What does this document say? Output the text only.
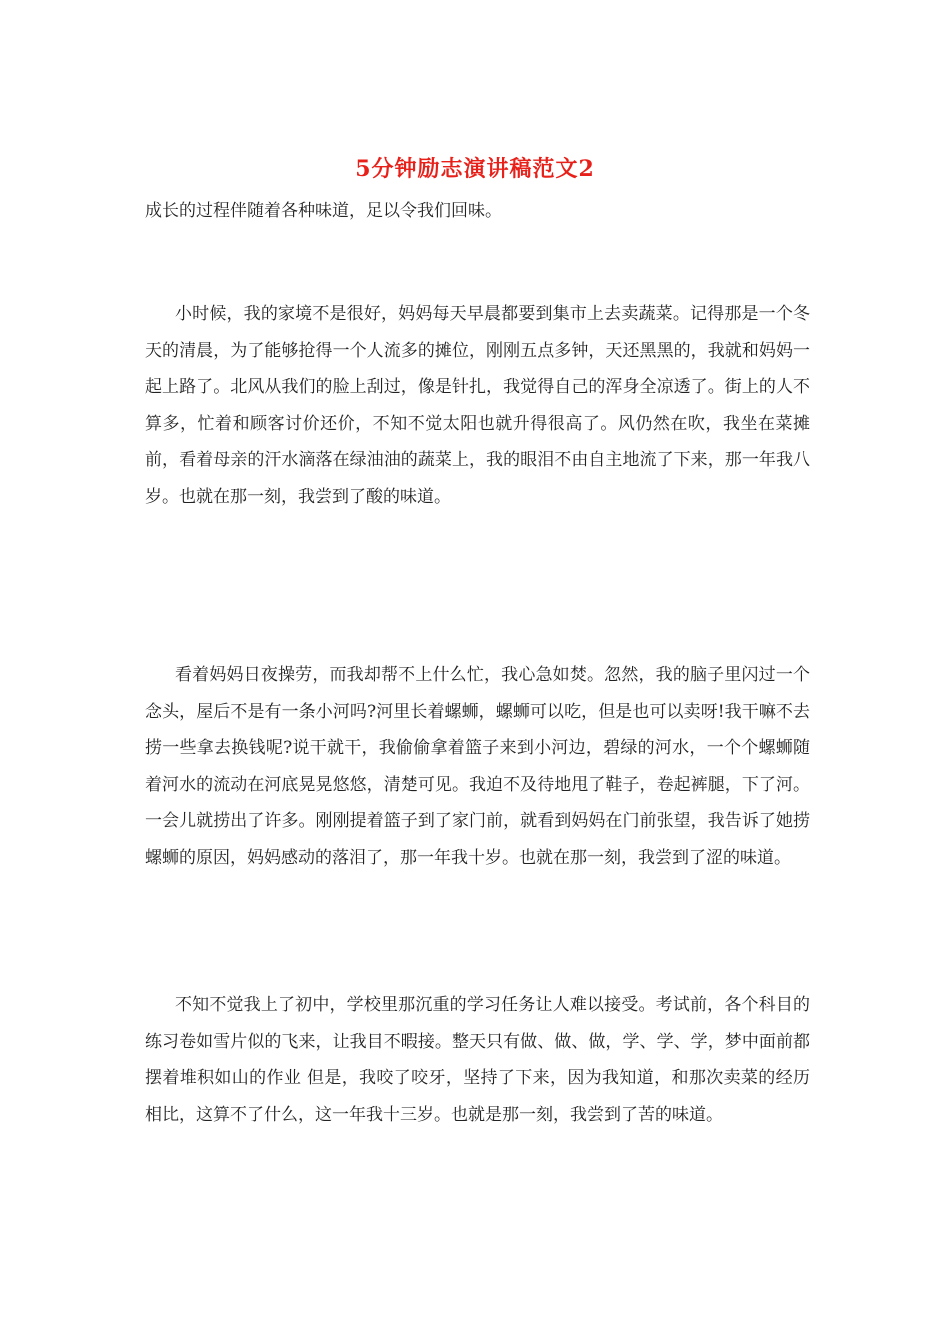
5分钟励志演讲稿范文2
成长的过程伴随着各种味道，足以令我们回味。

小时候，我的家境不是很好，妈妈每天早晨都要到集市上去卖蔬菜。记得那是一个冬天的清晨，为了能够抢得一个人流多的摊位，刚刚五点多钟，天还黑黑的，我就和妈妈一起上路了。北风从我们的脸上刮过，像是针扎，我觉得自己的浑身全凉透了。街上的人不算多，忙着和顾客讨价还价，不知不觉太阳也就升得很高了。风仍然在吹，我坐在菜摊前，看着母亲的汗水滴落在绿油油的蔬菜上，我的眼泪不由自主地流了下来，那一年我八岁。也就在那一刻，我尝到了酸的味道。

看着妈妈日夜操劳，而我却帮不上什么忙，我心急如焚。忽然，我的脑子里闪过一个念头，屋后不是有一条小河吗?河里长着螺蛳，螺蛳可以吃，但是也可以卖呀!我干嘛不去捞一些拿去换钱呢?说干就干，我偷偷拿着篮子来到小河边，碧绿的河水，一个个螺蛳随着河水的流动在河底晃晃悠悠，清楚可见。我迫不及待地甩了鞋子，卷起裤腿，下了河。一会儿就捞出了许多。刚刚提着篮子到了家门前，就看到妈妈在门前张望，我告诉了她捞螺蛳的原因，妈妈感动的落泪了，那一年我十岁。也就在那一刻，我尝到了涩的味道。

不知不觉我上了初中，学校里那沉重的学习任务让人难以接受。考试前，各个科目的练习卷如雪片似的飞来，让我目不暇接。整天只有做、做、做，学、学、学，梦中面前都摆着堆积如山的作业 但是，我咬了咬牙，坚持了下来，因为我知道，和那次卖菜的经历相比，这算不了什么，这一年我十三岁。也就是那一刻，我尝到了苦的味道。
